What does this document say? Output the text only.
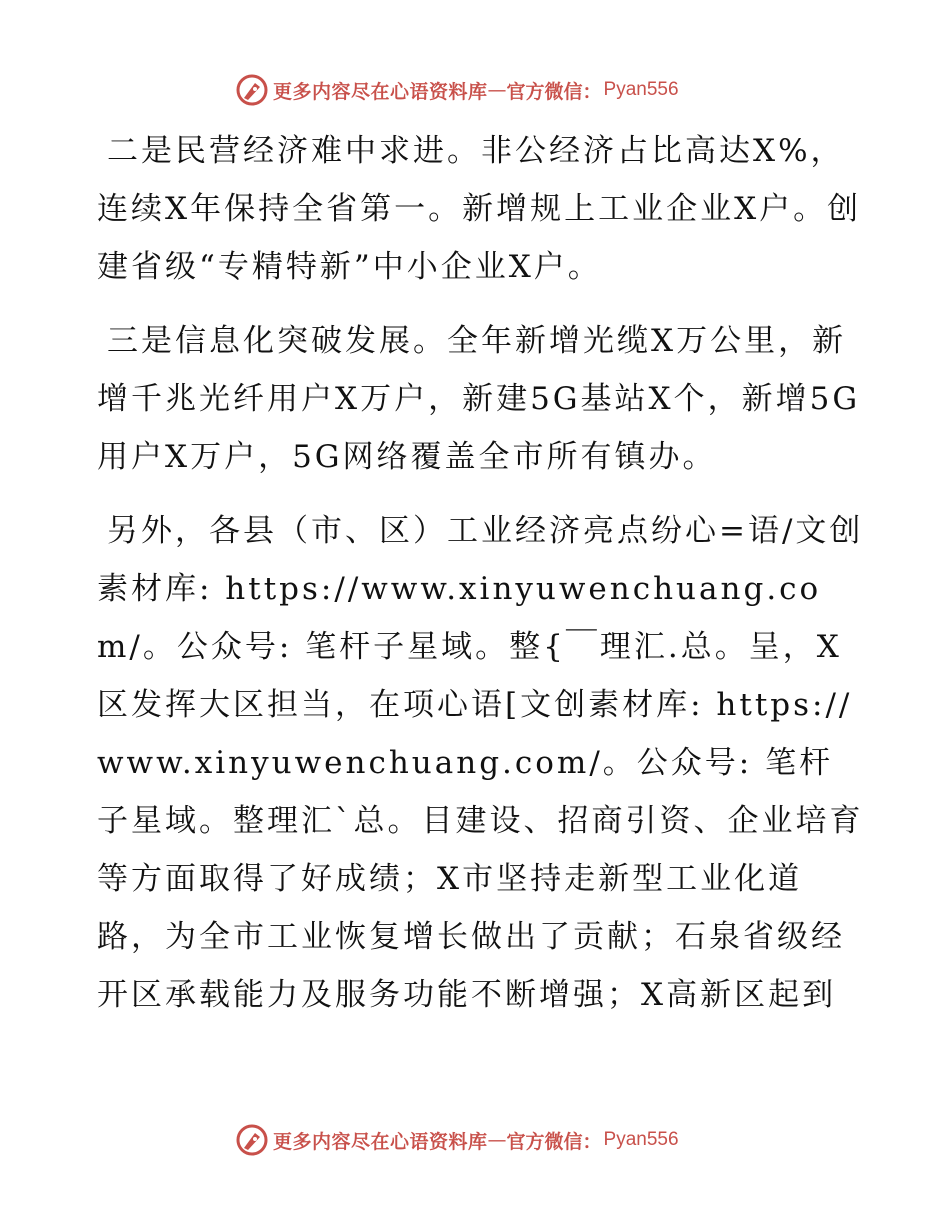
更多内容尽在心语资料库 — 官方微信： Pyan556

二是民营经济难中求进。非公经济占比高达X%，连续X年保持全省第一。新增规上工业企业X户。创建省级“专精特新”中小企业X户。

三是信息化突破发展。全年新增光缆X万公里，新增千兆光纤用户X万户，新建5G基站X个，新增5G用户X万户，5G网络覆盖全市所有镇办。

另外，各县（市、区）工业经济亮点纷心=语/文创素材库: https://www.xinyuwenchuang.com/。公众号: 笔杆子星域。整{￣理汇.总。呈，X区发挥大区担当，在项心语[文创素材库: https://www.xinyuwenchuang.com/。公众号: 笔杆子星域。整理汇`总。目建设、招商引资、企业培育等方面取得了好成绩；X市坚持走新型工业化道路，为全市工业恢复增长做出了贡献；石泉省级经开区承载能力及服务功能不断增强；X高新区起到

更多内容尽在心语资料库 — 官方微信： Pyan556
